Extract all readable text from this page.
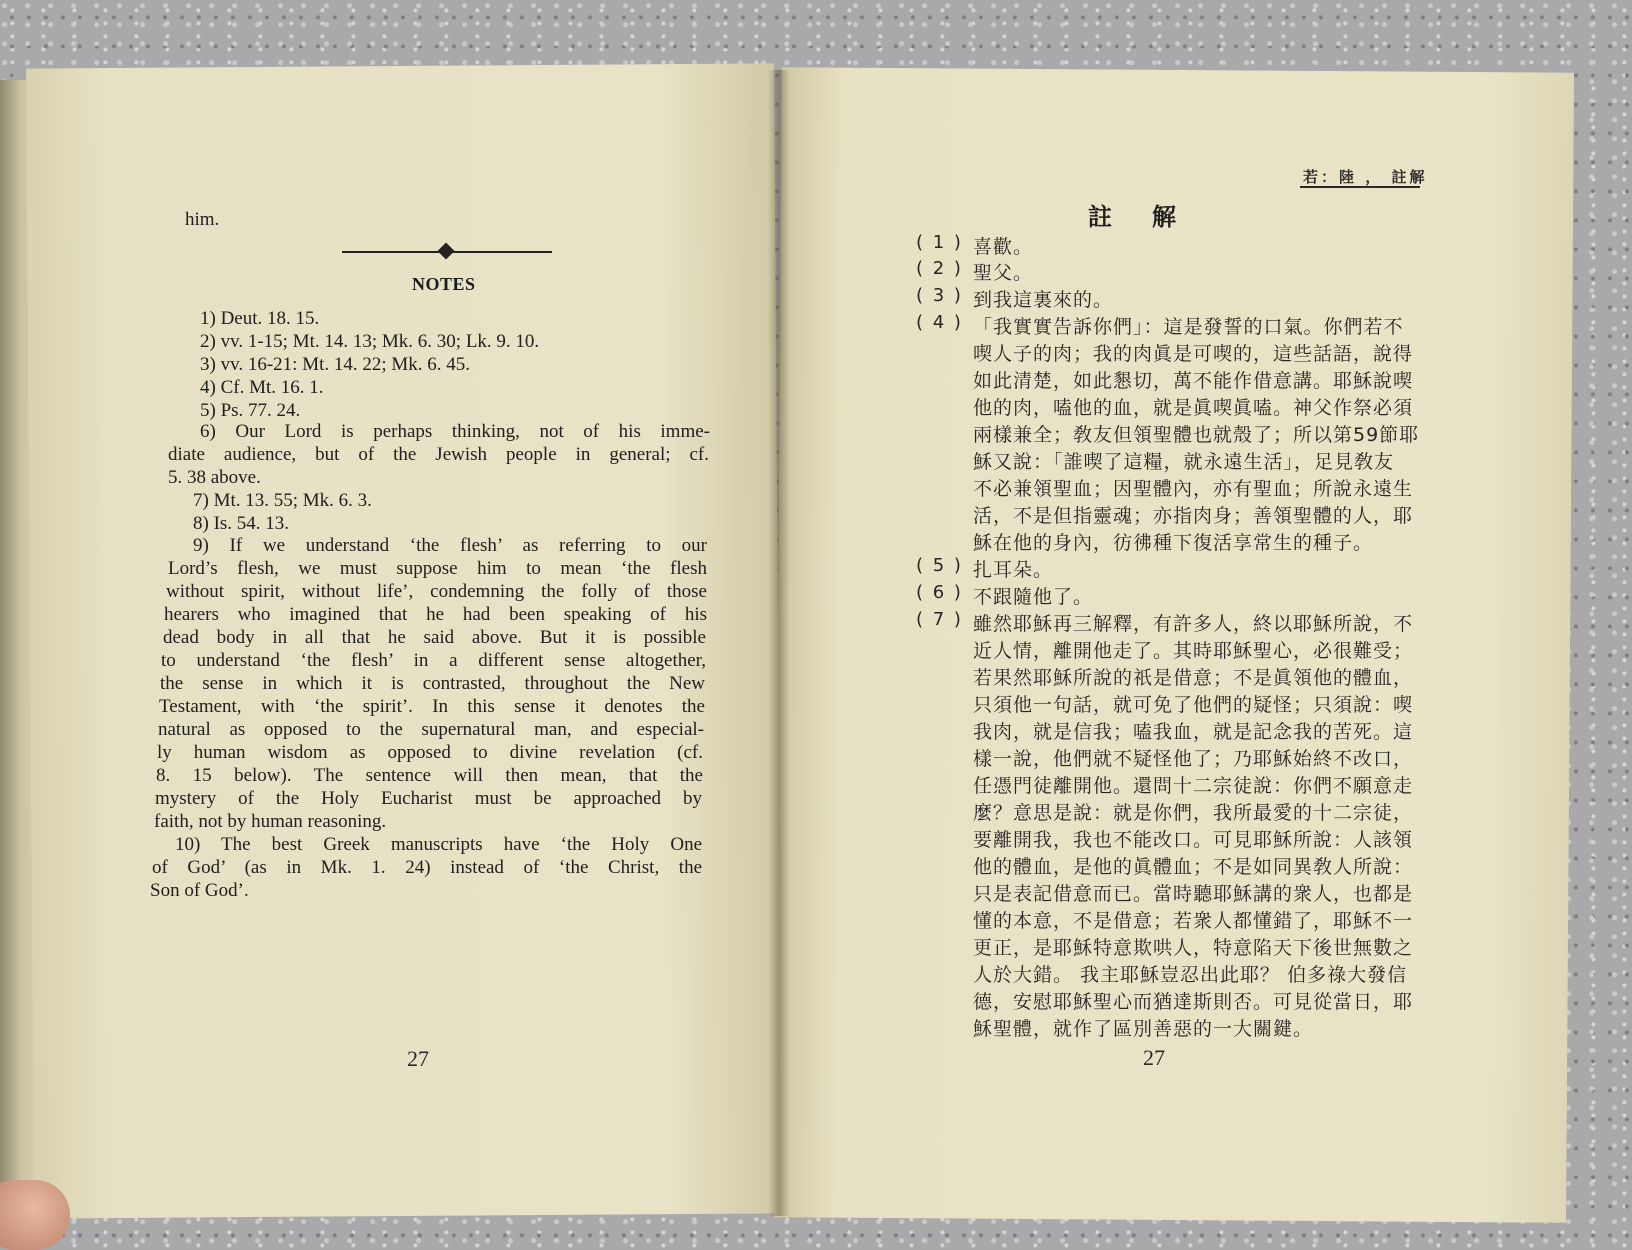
him.
NOTES
1) Deut. 18. 15.
2) vv. 1-15; Mt. 14. 13; Mk. 6. 30; Lk. 9. 10.
3) vv. 16-21: Mt. 14. 22; Mk. 6. 45.
4) Cf. Mt. 16. 1.
5) Ps. 77. 24.
6) Our Lord is perhaps thinking, not of his imme-
diate audience, but of the Jewish people in general; cf.
5. 38 above.
7) Mt. 13. 55; Mk. 6. 3.
8) Is. 54. 13.
9) If we understand ‘the flesh’ as referring to our
Lord’s flesh, we must suppose him to mean ‘the flesh
without spirit, without life’, condemning the folly of those
hearers who imagined that he had been speaking of his
dead body in all that he said above. But it is possible
to understand ‘the flesh’ in a different sense altogether,
the sense in which it is contrasted, throughout the New
Testament, with ‘the spirit’. In this sense it denotes the
natural as opposed to the supernatural man, and especial-
ly human wisdom as opposed to divine revelation (cf.
8. 15 below). The sentence will then mean, that the
mystery of the Holy Eucharist must be approached by
faith, not by human reasoning.
10) The best Greek manuscripts have ‘the Holy One
of God’ (as in Mk. 1. 24) instead of ‘the Christ, the
Son of God’.
27
若：陸 ， 註解
註解
( 1 ) 喜歡。
( 2 ) 聖父。
( 3 ) 到我這裏來的。
( 4 ) 「我實實告訴你們」：這是發誓的口氣。你們若不
喫人子的肉；我的肉眞是可喫的，這些話語，說得
如此清楚，如此懇切，萬不能作借意講。耶穌說喫
他的肉，嗑他的血，就是眞喫眞嗑。神父作祭必須
兩樣兼全；敎友但領聖體也就殼了；所以第59節耶
穌又說：「誰喫了這糧，就永遠生活」，足見敎友
不必兼領聖血；因聖體內，亦有聖血；所說永遠生
活，不是但指靈魂；亦指肉身；善領聖體的人，耶
穌在他的身內，彷彿種下復活享常生的種子。
( 5 ) 扎耳朵。
( 6 ) 不跟隨他了。
( 7 ) 雖然耶穌再三解釋，有許多人，終以耶穌所說，不
近人情，離開他走了。其時耶穌聖心，必很難受；
若果然耶穌所說的祇是借意；不是眞領他的體血，
只須他一句話，就可免了他們的疑怪；只須說：喫
我肉，就是信我；嗑我血，就是記念我的苦死。這
樣一說，他們就不疑怪他了；乃耶穌始終不改口，
任憑門徒離開他。還問十二宗徒說：你們不願意走
麼？意思是說：就是你們，我所最愛的十二宗徒，
要離開我，我也不能改口。可見耶穌所說：人該領
他的體血，是他的眞體血；不是如同異敎人所說：
只是表記借意而已。當時聽耶穌講的衆人，也都是
懂的本意，不是借意；若衆人都懂錯了，耶穌不一
更正，是耶穌特意欺哄人，特意陷天下後世無數之
人於大錯。 我主耶穌豈忍出此耶？ 伯多祿大發信
德，安慰耶穌聖心而猶達斯則否。可見從當日，耶
穌聖體，就作了區別善惡的一大關鍵。
27
